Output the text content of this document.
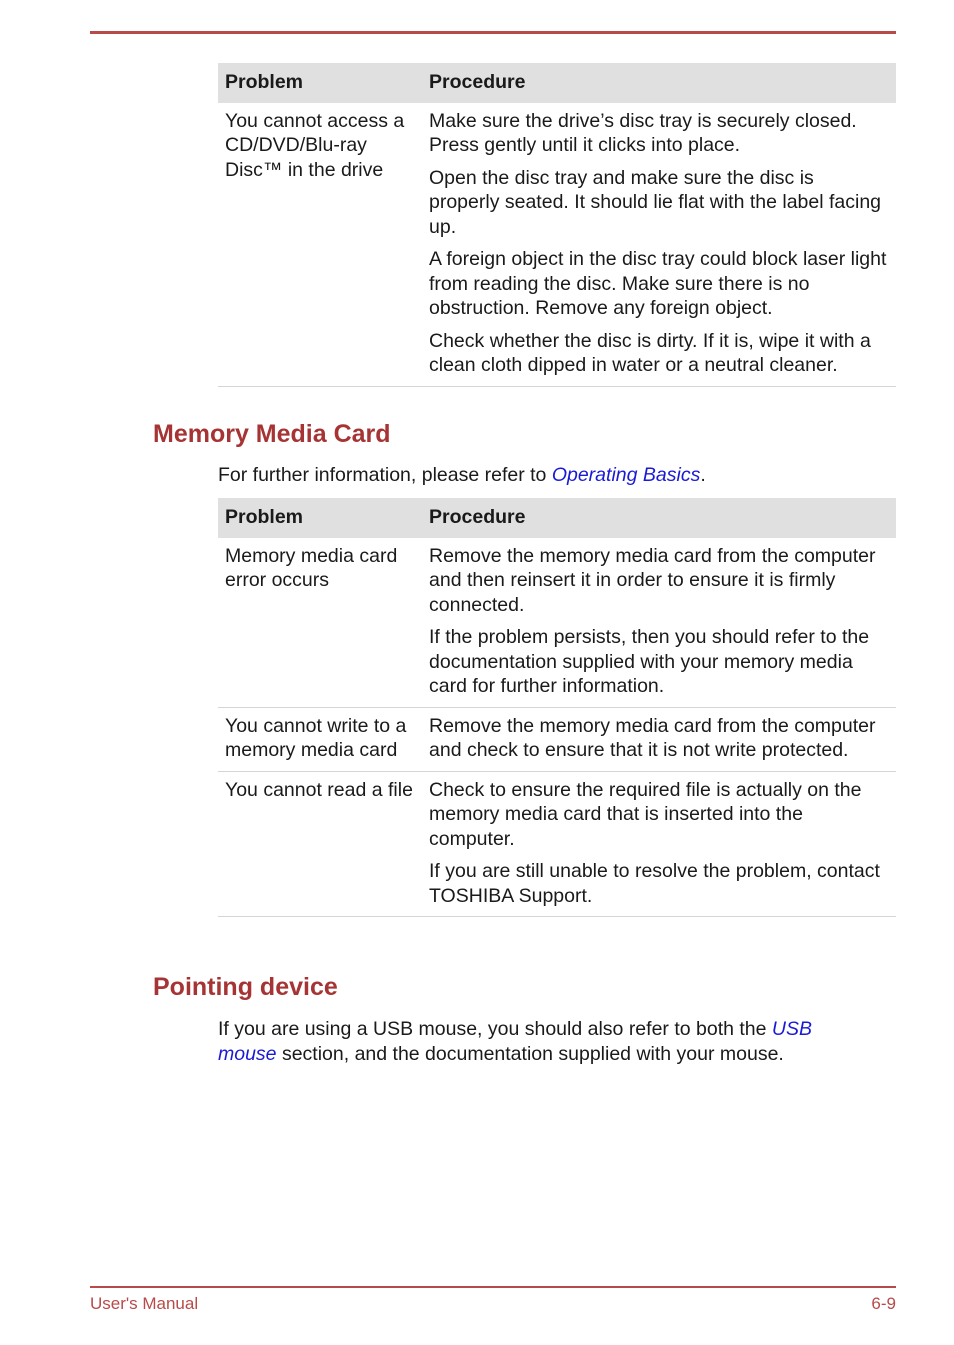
Problem	Procedure
You cannot access a CD/DVD/Blu-ray Disc™ in the drive	Make sure the drive’s disc tray is securely closed. Press gently until it clicks into place.

Open the disc tray and make sure the disc is properly seated. It should lie flat with the label facing up.

A foreign object in the disc tray could block laser light from reading the disc. Make sure there is no obstruction. Remove any foreign object.

Check whether the disc is dirty. If it is, wipe it with a clean cloth dipped in water or a neutral cleaner.

Memory Media Card

For further information, please refer to Operating Basics.

Problem	Procedure
Memory media card error occurs	Remove the memory media card from the computer and then reinsert it in order to ensure it is firmly connected.

If the problem persists, then you should refer to the documentation supplied with your memory media card for further information.

You cannot write to a memory media card	Remove the memory media card from the computer and check to ensure that it is not write protected.

You cannot read a file	Check to ensure the required file is actually on the memory media card that is inserted into the computer.

If you are still unable to resolve the problem, contact TOSHIBA Support.

Pointing device

If you are using a USB mouse, you should also refer to both the USB mouse section, and the documentation supplied with your mouse.

User's Manual	6-9
